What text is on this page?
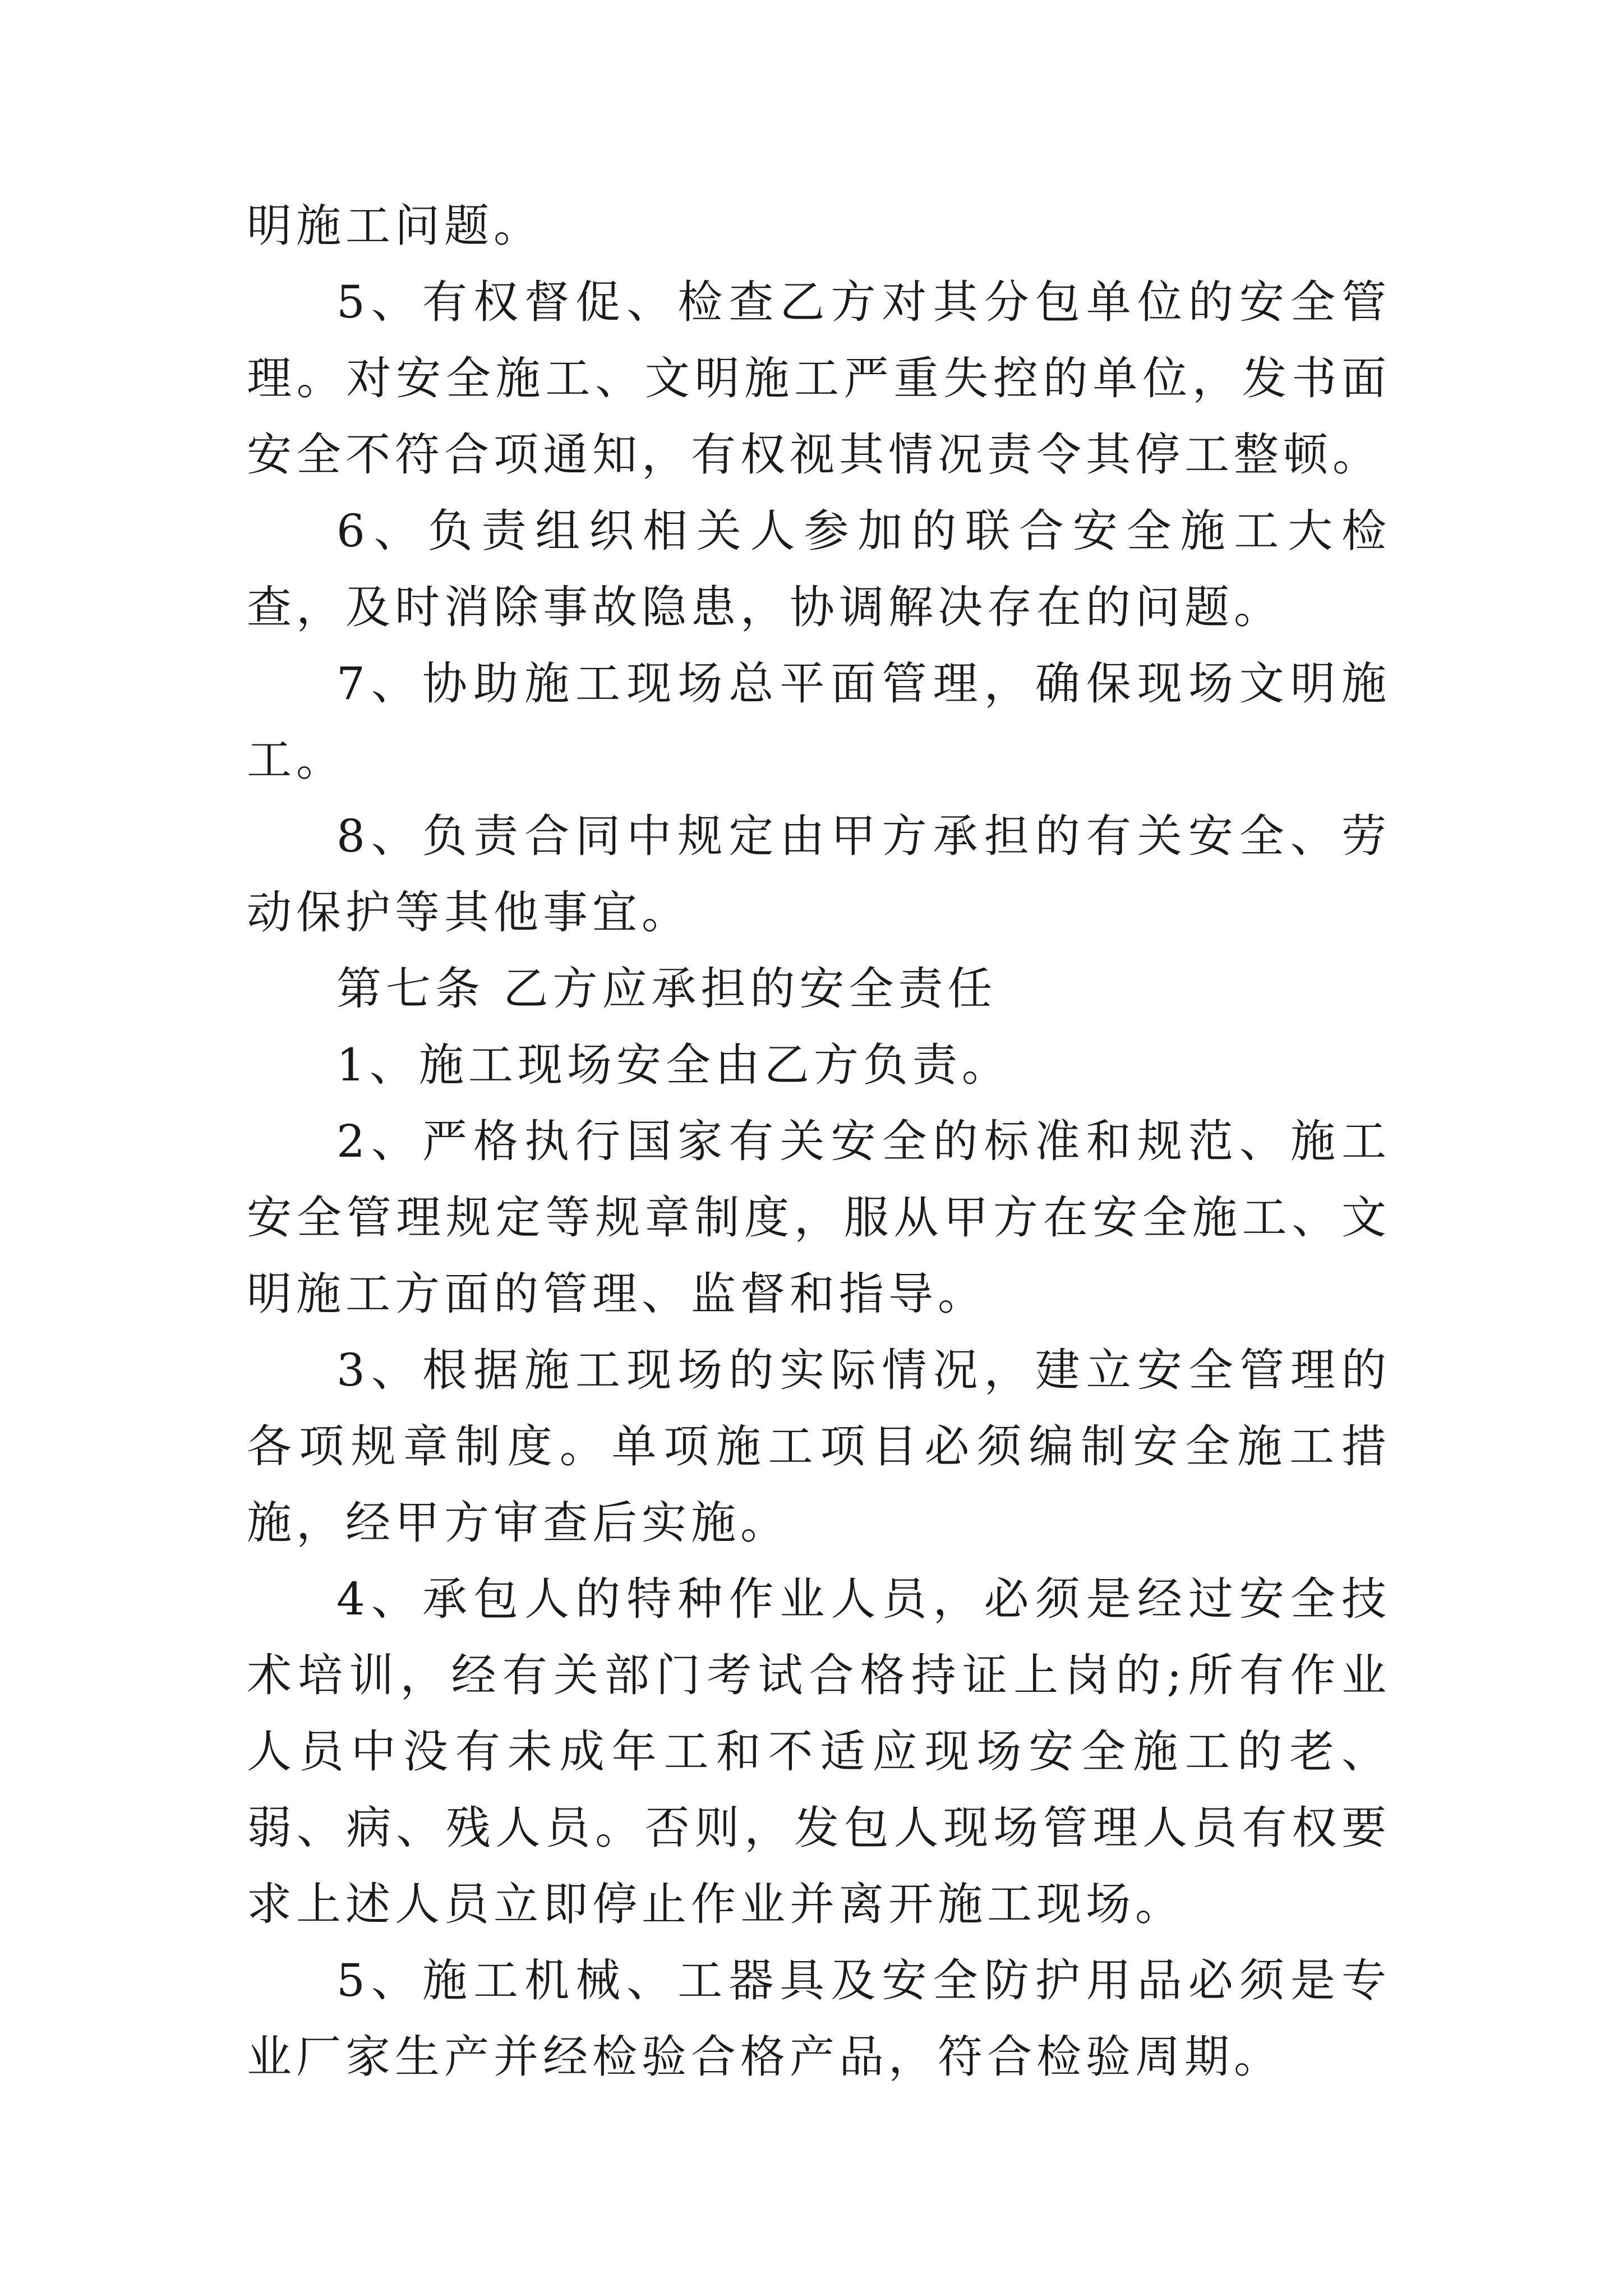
明施工问题。

5、有权督促、检查乙方对其分包单位的安全管理。对安全施工、文明施工严重失控的单位，发书面安全不符合项通知，有权视其情况责令其停工整顿。

6、负责组织相关人参加的联合安全施工大检查，及时消除事故隐患，协调解决存在的问题。

7、协助施工现场总平面管理，确保现场文明施工。

8、负责合同中规定由甲方承担的有关安全、劳动保护等其他事宜。

第七条 乙方应承担的安全责任

1、施工现场安全由乙方负责。

2、严格执行国家有关安全的标准和规范、施工安全管理规定等规章制度，服从甲方在安全施工、文明施工方面的管理、监督和指导。

3、根据施工现场的实际情况，建立安全管理的各项规章制度。单项施工项目必须编制安全施工措施，经甲方审查后实施。

4、承包人的特种作业人员，必须是经过安全技术培训，经有关部门考试合格持证上岗的;所有作业人员中没有未成年工和不适应现场安全施工的老、弱、病、残人员。否则，发包人现场管理人员有权要求上述人员立即停止作业并离开施工现场。

5、施工机械、工器具及安全防护用品必须是专业厂家生产并经检验合格产品，符合检验周期。
